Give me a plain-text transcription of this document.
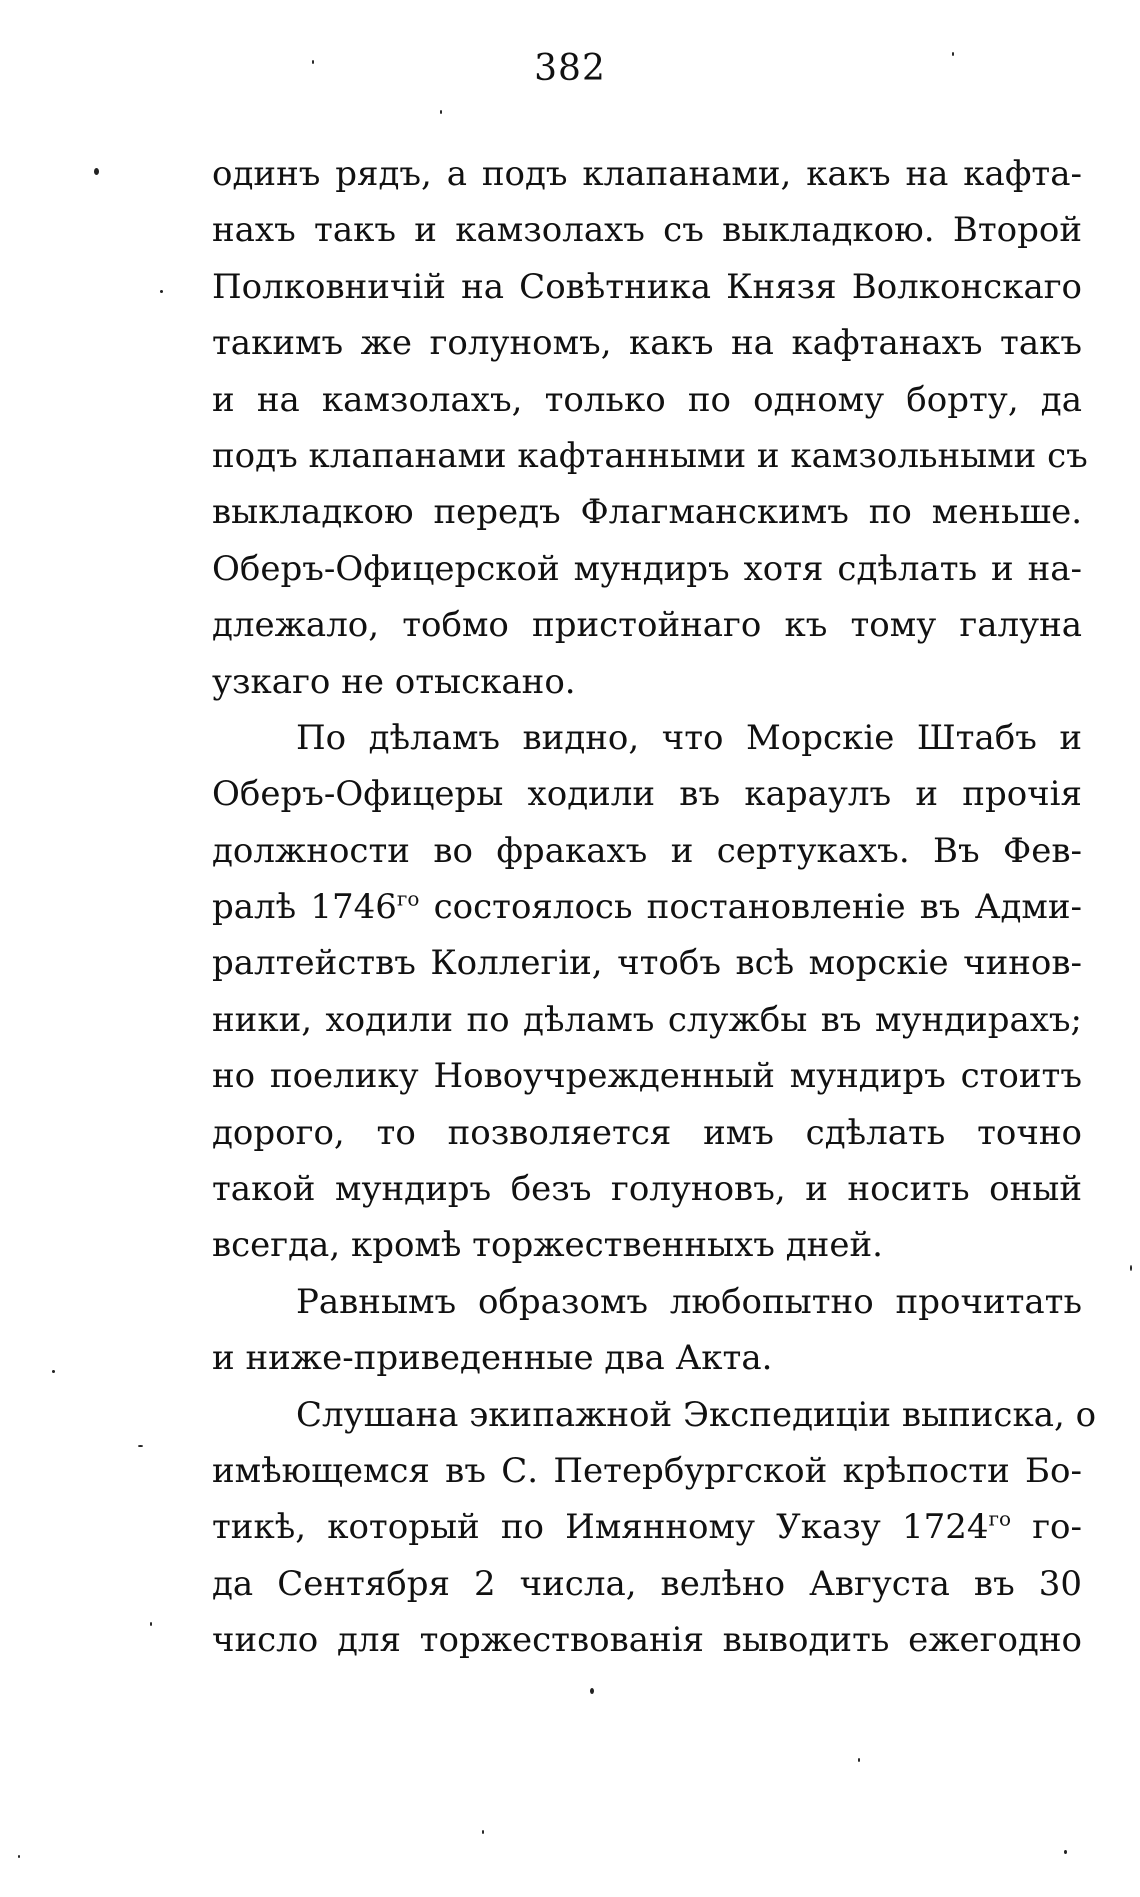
382
одинъ рядъ, а подъ клапанами, какъ на кафта-
нахъ такъ и камзолахъ съ выкладкою. Второй
Полковничiй на Совѣтника Князя Волконскаго
такимъ же голуномъ, какъ на кафтанахъ такъ
и на камзолахъ, только по одному борту, да
подъ клапанами кафтанными и камзольными съ
выкладкою передъ Флагманскимъ по меньше.
Оберъ-Офицерской мундиръ хотя сдѣлать и на-
длежало, тобмо пристойнаго къ тому галуна
узкаго не отыскано.
По дѣламъ видно, что Морскiе Штабъ и
Оберъ-Офицеры ходили въ караулъ и прочiя
должности во фракахъ и сертукахъ. Въ Фев-
ралѣ $1746^{го}$ состоялось постановленiе въ Адми-
ралтействъ Коллегiи, чтобъ всѣ морскiе чинов-
ники, ходили по дѣламъ службы въ мундирахъ;
но поелику Новоучрежденный мундиръ стоитъ
дорого, то позволяется имъ сдѣлать точно
такой мундиръ безъ голуновъ, и носить оный
всегда, кромѣ торжественныхъ дней.
Равнымъ образомъ любопытно прочитать
и ниже-приведенные два Акта.
Слушана экипажной Экспедицiи выписка, о
имѣющемся въ С. Петербургской крѣпости Бо-
тикѣ, который по Имянному Указу $1724^{го}$ го-
да Сентября 2 числа, велѣно Августа въ 30
число для торжествованiя выводить ежегодно
